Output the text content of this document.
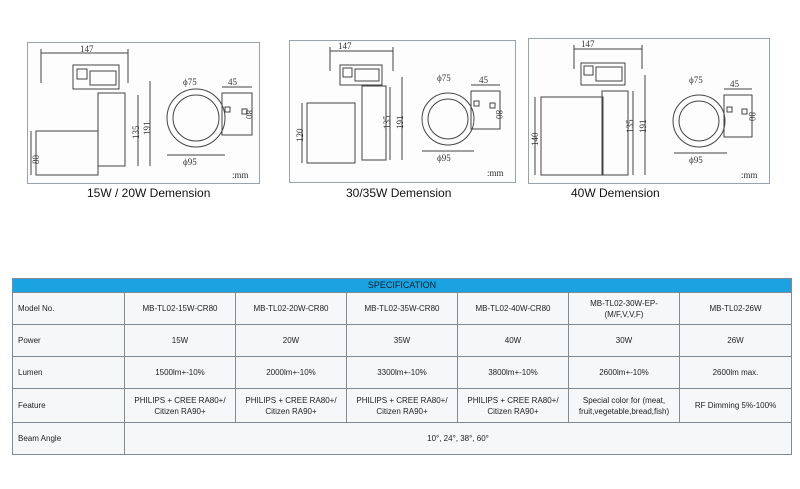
147
80
135 191
ϕ75	45
80
ϕ95
:mm
15W / 20W Demension
147
120
135 191
ϕ75	45
80
ϕ95
:mm
30/35W Demension
147
140
135 191
ϕ75	45
80
ϕ95
:mm
40W Demension
SPECIFICATION						
Model No.	MB-TL02-15W-CR80	MB-TL02-20W-CR80	MB-TL02-35W-CR80	MB-TL02-40W-CR80	MB-TL02-30W-EP-(M/F,V,V,F)	MB-TL02-26W
Power	15W	20W	35W	40W	30W	26W
Lumen	1500lm+-10%	2000lm+-10%	3300lm+-10%	3800lm+-10%	2600lm+-10%	2600lm max.
Feature	PHILIPS + CREE RA80+/ Citizen RA90+	PHILIPS + CREE RA80+/ Citizen RA90+	PHILIPS + CREE RA80+/ Citizen RA90+	PHILIPS + CREE RA80+/ Citizen RA90+	Special color for (meat, fruit,vegetable,bread,fish)	RF Dimming 5%-100%
Beam Angle	10°, 24°, 38°, 60°					
